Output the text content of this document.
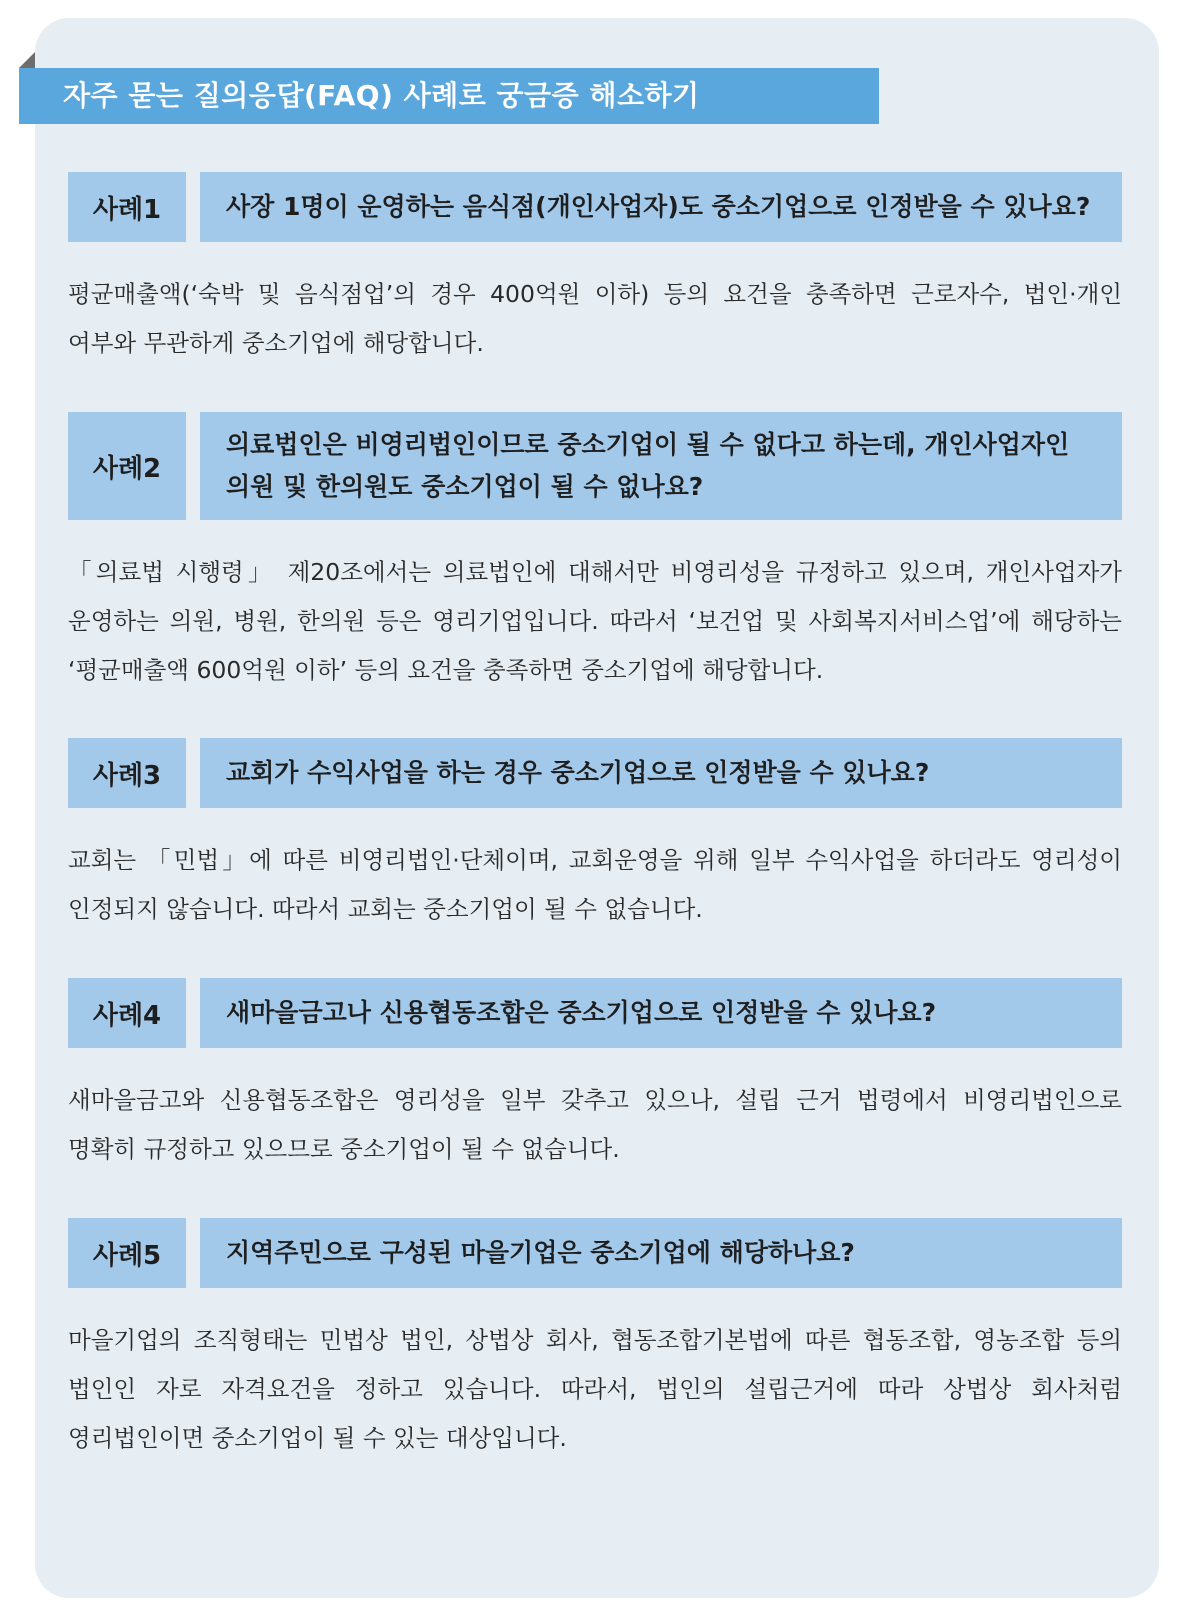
자주 묻는 질의응답(FAQ) 사례로 궁금증 해소하기
사례1	사장 1명이 운영하는 음식점(개인사업자)도 중소기업으로 인정받을 수 있나요?
평균매출액(‘숙박 및 음식점업’의 경우 400억원 이하) 등의 요건을 충족하면 근로자수, 법인·개인 여부와 무관하게 중소기업에 해당합니다.
사례2
의료법인은 비영리법인이므로 중소기업이 될 수 없다고 하는데, 개인사업자인 의원 및 한의원도 중소기업이 될 수 없나요?
「의료법 시행령」 제20조에서는 의료법인에 대해서만 비영리성을 규정하고 있으며, 개인사업자가 운영하는 의원, 병원, 한의원 등은 영리기업입니다. 따라서 ‘보건업 및 사회복지서비스업’에 해당하는 ‘평균매출액 600억원 이하’ 등의 요건을 충족하면 중소기업에 해당합니다.
사례3	교회가 수익사업을 하는 경우 중소기업으로 인정받을 수 있나요?
교회는 「민법」에 따른 비영리법인·단체이며, 교회운영을 위해 일부 수익사업을 하더라도 영리성이 인정되지 않습니다. 따라서 교회는 중소기업이 될 수 없습니다.
사례4	새마을금고나 신용협동조합은 중소기업으로 인정받을 수 있나요?
새마을금고와 신용협동조합은 영리성을 일부 갖추고 있으나, 설립 근거 법령에서 비영리법인으로 명확히 규정하고 있으므로 중소기업이 될 수 없습니다.
사례5	지역주민으로 구성된 마을기업은 중소기업에 해당하나요?
마을기업의 조직형태는 민법상 법인, 상법상 회사, 협동조합기본법에 따른 협동조합, 영농조합 등의 법인인 자로 자격요건을 정하고 있습니다. 따라서, 법인의 설립근거에 따라 상법상 회사처럼 영리법인이면 중소기업이 될 수 있는 대상입니다.
